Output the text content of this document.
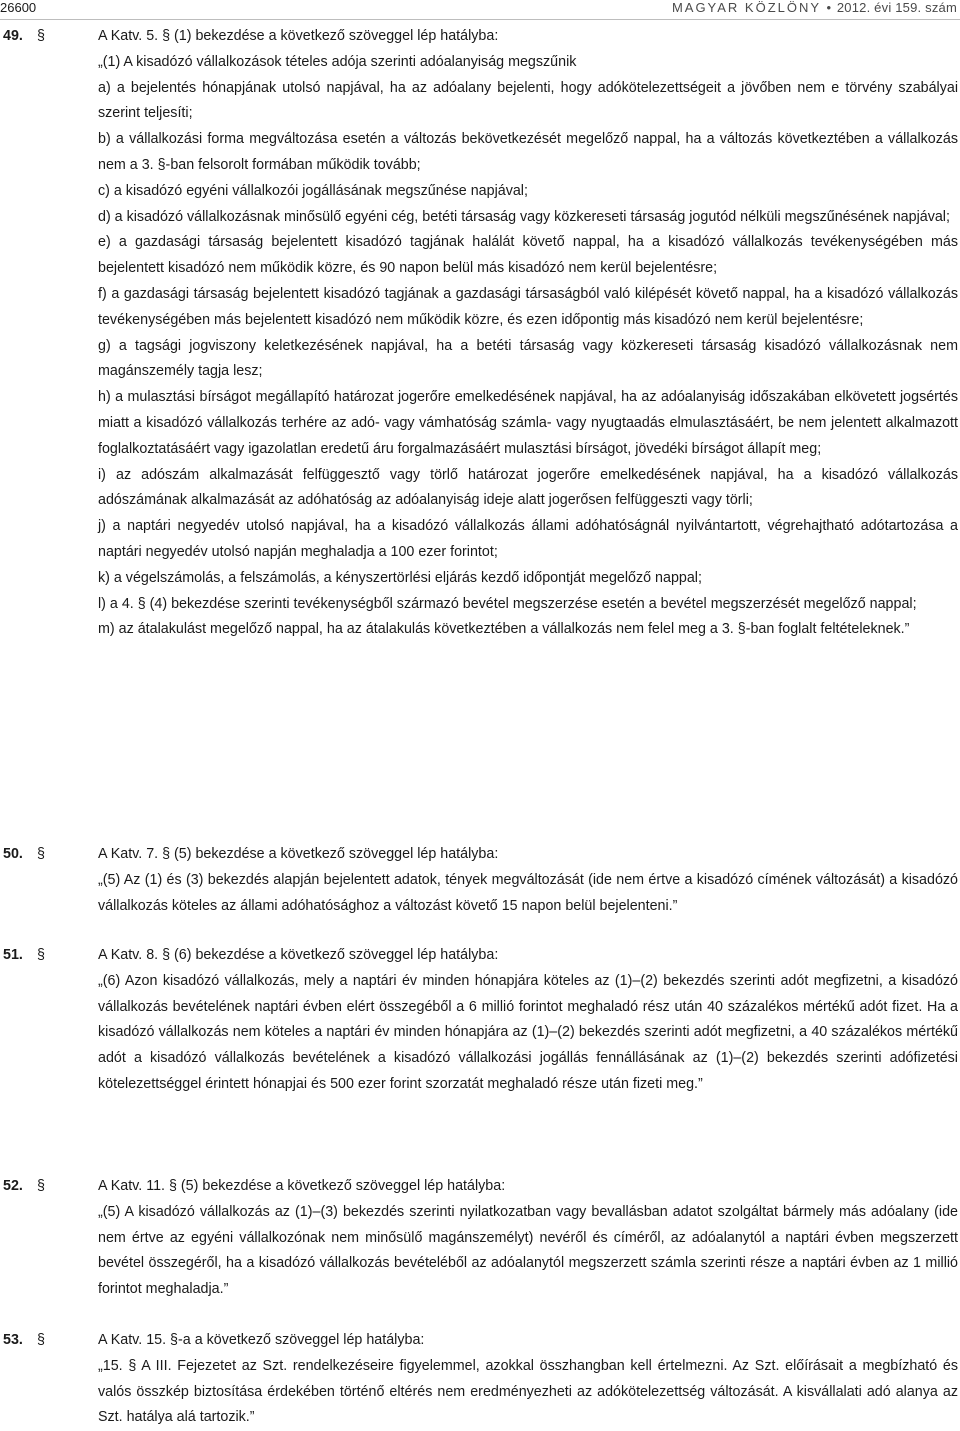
26600	MAGYAR KÖZLÖNY • 2012. évi 159. szám
49. §	A Katv. 5. § (1) bekezdése a következő szöveggel lép hatályba:

„(1) A kisadózó vállalkozások tételes adója szerinti adóalanyiság megszűnik

a) a bejelentés hónapjának utolsó napjával, ha az adóalany bejelenti, hogy adókötelezettségeit a jövőben nem e törvény szabályai szerint teljesíti;

b) a vállalkozási forma megváltozása esetén a változás bekövetkezését megelőző nappal, ha a változás következtében a vállalkozás nem a 3. §-ban felsorolt formában működik tovább;

c) a kisadózó egyéni vállalkozói jogállásának megszűnése napjával;

d) a kisadózó vállalkozásnak minősülő egyéni cég, betéti társaság vagy közkereseti társaság jogutód nélküli megszűnésének napjával;

e) a gazdasági társaság bejelentett kisadózó tagjának halálát követő nappal, ha a kisadózó vállalkozás tevékenységében más bejelentett kisadózó nem működik közre, és 90 napon belül más kisadózó nem kerül bejelentésre;

f) a gazdasági társaság bejelentett kisadózó tagjának a gazdasági társaságból való kilépését követő nappal, ha a kisadózó vállalkozás tevékenységében más bejelentett kisadózó nem működik közre, és ezen időpontig más kisadózó nem kerül bejelentésre;

g) a tagsági jogviszony keletkezésének napjával, ha a betéti társaság vagy közkereseti társaság kisadózó vállalkozásnak nem magánszemély tagja lesz;

h) a mulasztási bírságot megállapító határozat jogerőre emelkedésének napjával, ha az adóalanyiság időszakában elkövetett jogsértés miatt a kisadózó vállalkozás terhére az adó- vagy vámhatóság számla- vagy nyugtaadás elmulasztásáért, be nem jelentett alkalmazott foglalkoztatásáért vagy igazolatlan eredetű áru forgalmazásáért mulasztási bírságot, jövedéki bírságot állapít meg;

i) az adószám alkalmazását felfüggesztő vagy törlő határozat jogerőre emelkedésének napjával, ha a kisadózó vállalkozás adószámának alkalmazását az adóhatóság az adóalanyiság ideje alatt jogerősen felfüggeszti vagy törli;

j) a naptári negyedév utolsó napjával, ha a kisadózó vállalkozás állami adóhatóságnál nyilvántartott, végrehajtható adótartozása a naptári negyedév utolsó napján meghaladja a 100 ezer forintot;

k) a végelszámolás, a felszámolás, a kényszertörlési eljárás kezdő időpontját megelőző nappal;

l) a 4. § (4) bekezdése szerinti tevékenységből származó bevétel megszerzése esetén a bevétel megszerzését megelőző nappal;

m) az átalakulást megelőző nappal, ha az átalakulás következtében a vállalkozás nem felel meg a 3. §-ban foglalt feltételeknek.”

50. §	A Katv. 7. § (5) bekezdése a következő szöveggel lép hatályba:

„(5) Az (1) és (3) bekezdés alapján bejelentett adatok, tények megváltozását (ide nem értve a kisadózó címének változását) a kisadózó vállalkozás köteles az állami adóhatósághoz a változást követő 15 napon belül bejelenteni.”

51. §	A Katv. 8. § (6) bekezdése a következő szöveggel lép hatályba:

„(6) Azon kisadózó vállalkozás, mely a naptári év minden hónapjára köteles az (1)–(2) bekezdés szerinti adót megfizetni, a kisadózó vállalkozás bevételének naptári évben elért összegéből a 6 millió forintot meghaladó rész után 40 százalékos mértékű adót fizet. Ha a kisadózó vállalkozás nem köteles a naptári év minden hónapjára az (1)–(2) bekezdés szerinti adót megfizetni, a 40 százalékos mértékű adót a kisadózó vállalkozás bevételének a kisadózó vállalkozási jogállás fennállásának az (1)–(2) bekezdés szerinti adófizetési kötelezettséggel érintett hónapjai és 500 ezer forint szorzatát meghaladó része után fizeti meg.”

52. §	A Katv. 11. § (5) bekezdése a következő szöveggel lép hatályba:

„(5) A kisadózó vállalkozás az (1)–(3) bekezdés szerinti nyilatkozatban vagy bevallásban adatot szolgáltat bármely más adóalany (ide nem értve az egyéni vállalkozónak nem minősülő magánszemélyt) nevéről és címéről, az adóalanytól a naptári évben megszerzett bevétel összegéről, ha a kisadózó vállalkozás bevételéből az adóalanytól megszerzett számla szerinti része a naptári évben az 1 millió forintot meghaladja.”

53. §	A Katv. 15. §-a a következő szöveggel lép hatályba:

„15. § A III. Fejezetet az Szt. rendelkezéseire figyelemmel, azokkal összhangban kell értelmezni. Az Szt. előírásait a megbízható és valós összkép biztosítása érdekében történő eltérés nem eredményezheti az adókötelezettség változását. A kisvállalati adó alanya az Szt. hatálya alá tartozik.”
